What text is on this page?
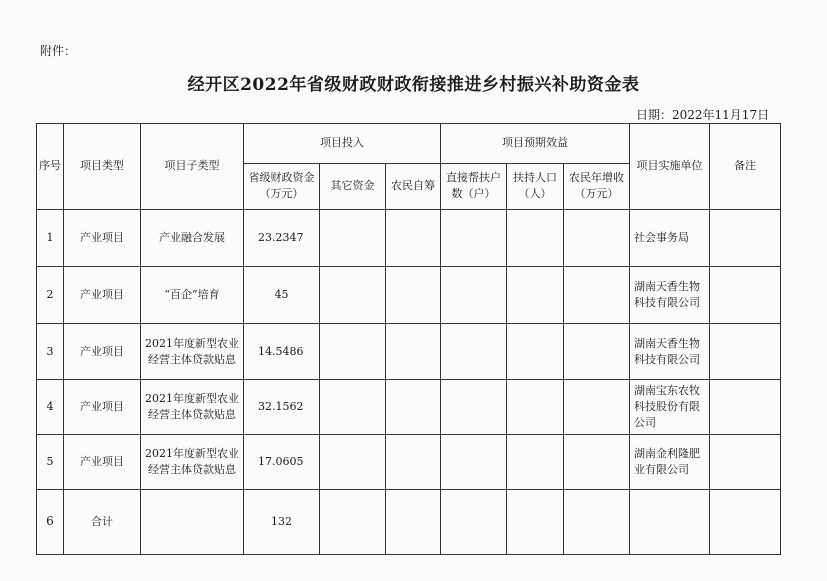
附件：
经开区2022年省级财政财政衔接推进乡村振兴补助资金表
日期：2022年11月17日
序号	项目类型	项目子类型	项目投入			项目预期效益			项目实施单位	备注
			省级财政资金（万元）	其它资金	农民自筹	直接帮扶户数（户）	扶持人口（人）	农民年增收（万元）		
1	产业项目	产业融合发展	23.2347						社会事务局	
2	产业项目	“百企”培育	45						湖南天香生物科技有限公司	
3	产业项目	2021年度新型农业经营主体贷款贴息	14.5486						湖南天香生物科技有限公司	
4	产业项目	2021年度新型农业经营主体贷款贴息	32.1562						湖南宝东农牧科技股份有限公司	
5	产业项目	2021年度新型农业经营主体贷款贴息	17.0605						湖南金利隆肥业有限公司	
6	合计		132							
